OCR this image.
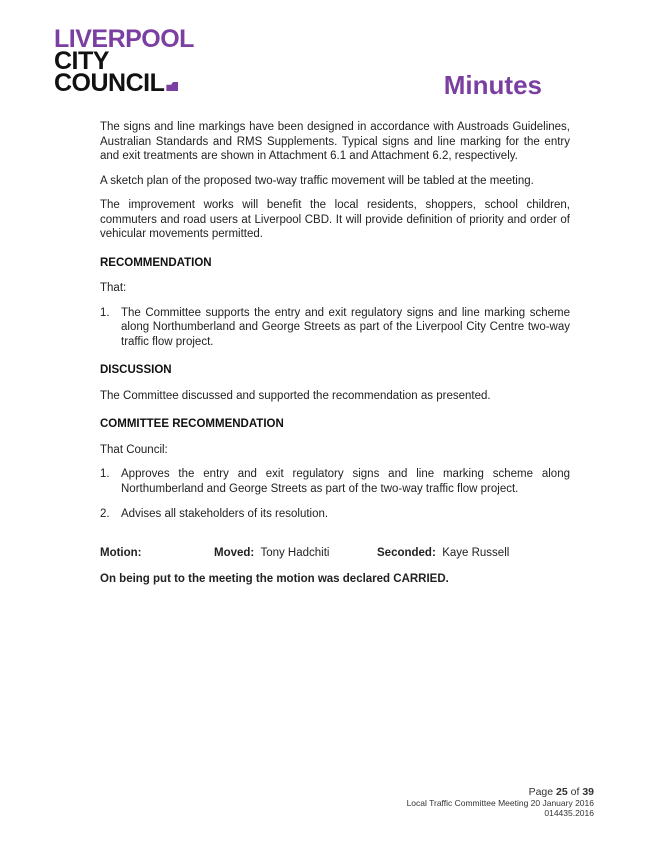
LIVERPOOL
CITY
COUNCIL	Minutes

The signs and line markings have been designed in accordance with Austroads Guidelines, Australian Standards and RMS Supplements. Typical signs and line marking for the entry and exit treatments are shown in Attachment 6.1 and Attachment 6.2, respectively.

A sketch plan of the proposed two-way traffic movement will be tabled at the meeting.

The improvement works will benefit the local residents, shoppers, school children, commuters and road users at Liverpool CBD. It will provide definition of priority and order of vehicular movements permitted.

RECOMMENDATION

That:

1. The Committee supports the entry and exit regulatory signs and line marking scheme along Northumberland and George Streets as part of the Liverpool City Centre two-way traffic flow project.
DISCUSSION

The Committee discussed and supported the recommendation as presented.

COMMITTEE RECOMMENDATION

That Council:

1. Approves the entry and exit regulatory signs and line marking scheme along Northumberland and George Streets as part of the two-way traffic flow project.
2. Advises all stakeholders of its resolution.
Motion:	Moved: Tony Hadchiti	Seconded: Kaye Russell

On being put to the meeting the motion was declared CARRIED.

Page 25 of 39
Local Traffic Committee Meeting 20 January 2016
014435.2016
